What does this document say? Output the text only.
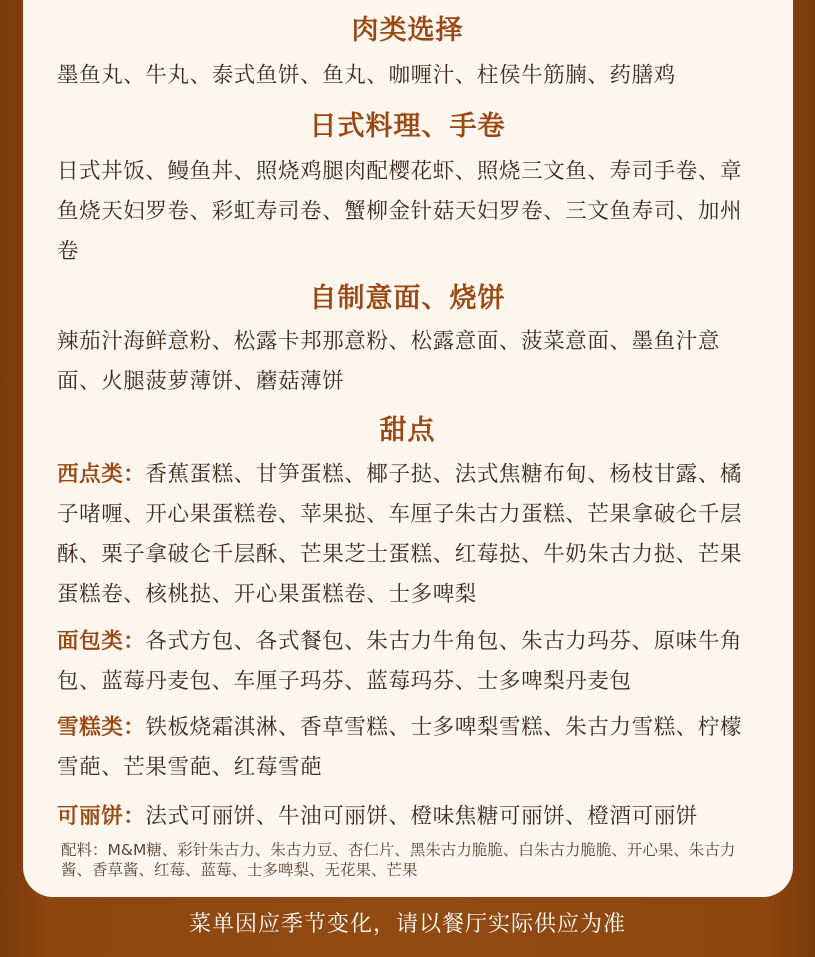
肉类选择

墨鱼丸、牛丸、泰式鱼饼、鱼丸、咖喱汁、柱侯牛筋腩、药膳鸡

日式料理、手卷

日式丼饭、鳗鱼丼、照烧鸡腿肉配樱花虾、照烧三文鱼、寿司手卷、章鱼烧天妇罗卷、彩虹寿司卷、蟹柳金针菇天妇罗卷、三文鱼寿司、加州卷

自制意面、烧饼

辣茄汁海鲜意粉、松露卡邦那意粉、松露意面、菠菜意面、墨鱼汁意面、火腿菠萝薄饼、蘑菇薄饼

甜点

西点类：香蕉蛋糕、甘笋蛋糕、椰子挞、法式焦糖布甸、杨枝甘露、橘子啫喱、开心果蛋糕卷、苹果挞、车厘子朱古力蛋糕、芒果拿破仑千层酥、栗子拿破仑千层酥、芒果芝士蛋糕、红莓挞、牛奶朱古力挞、芒果蛋糕卷、核桃挞、开心果蛋糕卷、士多啤梨

面包类：各式方包、各式餐包、朱古力牛角包、朱古力玛芬、原味牛角包、蓝莓丹麦包、车厘子玛芬、蓝莓玛芬、士多啤梨丹麦包

雪糕类：铁板烧霜淇淋、香草雪糕、士多啤梨雪糕、朱古力雪糕、柠檬雪葩、芒果雪葩、红莓雪葩

可丽饼：法式可丽饼、牛油可丽饼、橙味焦糖可丽饼、橙酒可丽饼

配料：M&M糖、彩针朱古力、朱古力豆、杏仁片、黑朱古力脆脆、白朱古力脆脆、开心果、朱古力酱、香草酱、红莓、蓝莓、士多啤梨、无花果、芒果

菜单因应季节变化，请以餐厅实际供应为准
